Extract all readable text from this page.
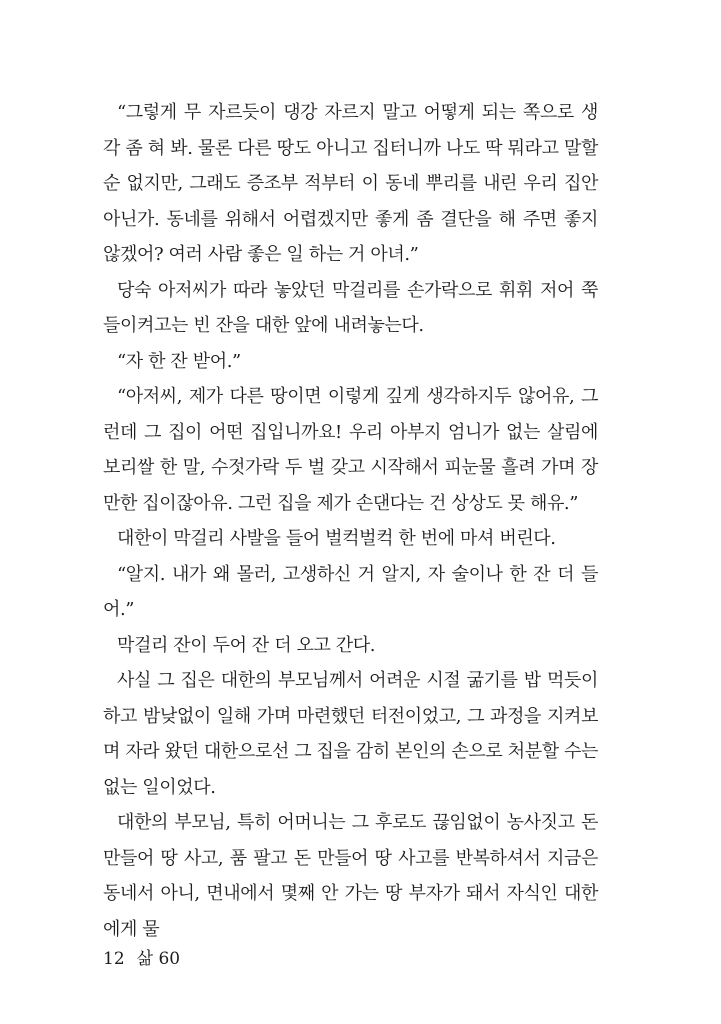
“그렇게 무 자르듯이 댕강 자르지 말고 어떻게 되는 쪽으로 생각 좀 혀 봐. 물론 다른 땅도 아니고 집터니까 나도 딱 뭐라고 말할 순 없지만, 그래도 증조부 적부터 이 동네 뿌리를 내린 우리 집안 아닌가. 동네를 위해서 어렵겠지만 좋게 좀 결단을 해 주면 좋지 않겠어? 여러 사람 좋은 일 하는 거 아녀.”

당숙 아저씨가 따라 놓았던 막걸리를 손가락으로 휘휘 저어 쭉 들이켜고는 빈 잔을 대한 앞에 내려놓는다.

“자 한 잔 받어.”

“아저씨, 제가 다른 땅이면 이렇게 깊게 생각하지두 않어유, 그런데 그 집이 어떤 집입니까요! 우리 아부지 엄니가 없는 살림에 보리쌀 한 말, 수젓가락 두 벌 갖고 시작해서 피눈물 흘려 가며 장만한 집이잖아유. 그런 집을 제가 손댄다는 건 상상도 못 해유.”

대한이 막걸리 사발을 들어 벌컥벌컥 한 번에 마셔 버린다.

“알지. 내가 왜 몰러, 고생하신 거 알지, 자 술이나 한 잔 더 들어.”

막걸리 잔이 두어 잔 더 오고 간다.

사실 그 집은 대한의 부모님께서 어려운 시절 굶기를 밥 먹듯이 하고 밤낮없이 일해 가며 마련했던 터전이었고, 그 과정을 지켜보며 자라 왔던 대한으로선 그 집을 감히 본인의 손으로 처분할 수는 없는 일이었다.

대한의 부모님, 특히 어머니는 그 후로도 끊임없이 농사짓고 돈 만들어 땅 사고, 품 팔고 돈 만들어 땅 사고를 반복하셔서 지금은 동네서 아니, 면내에서 몇째 안 가는 땅 부자가 돼서 자식인 대한에게 물

12 삶 60
